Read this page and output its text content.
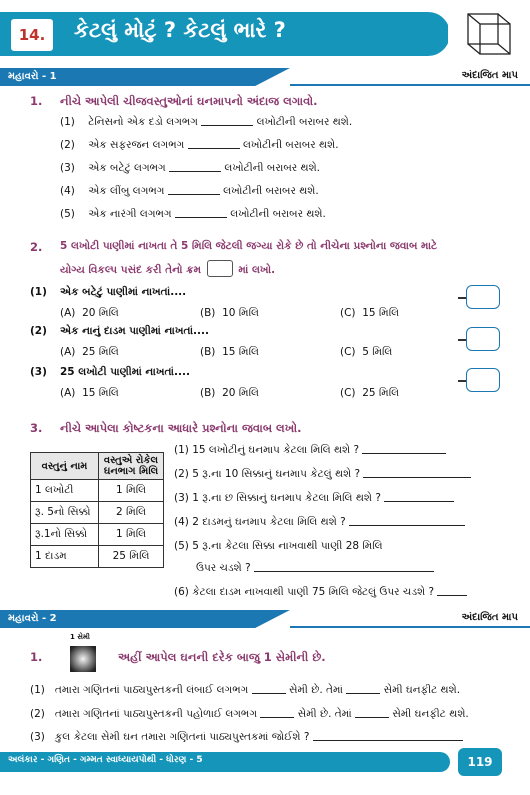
14.	કેટલું મોટું ? કેટલું ભારે ?
મહાવરો - 1	અંદાજિત માપ
1. નીચે આપેલી ચીજવસ્તુઓનાં ઘનમાપનો અંદાજ લગાવો.
(1) ટેનિસનો એક દડો લગભગ	લખોટીની બરાબર થશે.
(2) એક સફરજન લગભગ	લખોટીની બરાબર થશે.
(3) એક બટેટું લગભગ	લખોટીની બરાબર થશે.
(4) એક લીંબુ લગભગ	લખોટીની બરાબર થશે.
(5) એક નારંગી લગભગ	લખોટીની બરાબર થશે.
2. 5 લખોટી પાણીમાં નાખતા તે 5 મિલિ જેટલી જગ્યા રોકે છે તો નીચેના પ્રશ્નોના જવાબ માટે
યોગ્ય વિકલ્પ પસંદ કરી તેનો ક્રમ	માં લખો.
(1) એક બટેટું પાણીમાં નાખતાં....
(A) 20 મિલિ	(B) 10 મિલિ	(C) 15 મિલિ
(2) એક નાનું દાડમ પાણીમાં નાખતાં....
(A) 25 મિલિ	(B) 15 મિલિ	(C) 5 મિલિ
(3) 25 લખોટી પાણીમાં નાખતાં....
(A) 15 મિલિ	(B) 20 મિલિ	(C) 25 મિલિ
3. નીચે આપેલા કોષ્ટકના આધારે પ્રશ્નોના જવાબ લખો.
વસ્તુનું નામ	વસ્તુએ રોકેલ
ઘનભાગ મિલિ

1 લખોટી	1 મિલિ
રૂ. 5નો સિક્કો	2 મિલિ
રૂ.1નો સિક્કો	1 મિલિ
1 દાડમ	25 મિલિ
(1) 15 લખોટીનું ઘનમાપ કેટલા મિલિ થશે ?
(2) 5 રૂ.ના 10 સિક્કાનું ઘનમાપ કેટલું થશે ?
(3) 1 રૂ.ના છ સિક્કાનું ઘનમાપ કેટલા મિલિ થશે ?
(4) 2 દાડમનું ઘનમાપ કેટલા મિલિ થશે ?
(5) 5 રૂ.ના કેટલા સિક્કા નાખવાથી પાણી 28 મિલિ
ઉપર ચડશે ?
(6) કેટલા દાડમ નાખવાથી પાણી 75 મિલિ જેટલું ઉપર ચડશે ?
મહાવરો - 2	અંદાજિત માપ
1.
1 સેમી
અહીં આપેલ ઘનની દરેક બાજુ 1 સેમીની છે.
(1) તમારા ગણિતનાં પાઠ્યપુસ્તકની લંબાઈ લગભગ	સેમી છે. તેમાં	સેમી ઘનફીટ થશે.
(2) તમારા ગણિતનાં પાઠ્યપુસ્તકની પહોળાઈ લગભગ	સેમી છે. તેમાં	સેમી ઘનફીટ થશે.
(3) કુલ કેટલા સેમી ઘન તમારા ગણિતનાં પાઠ્યપુસ્તકમાં જોઈશે ?
અલંકાર - ગણિત - ગમ્મત સ્વાધ્યાયપોથી - ધોરણ - 5	119
